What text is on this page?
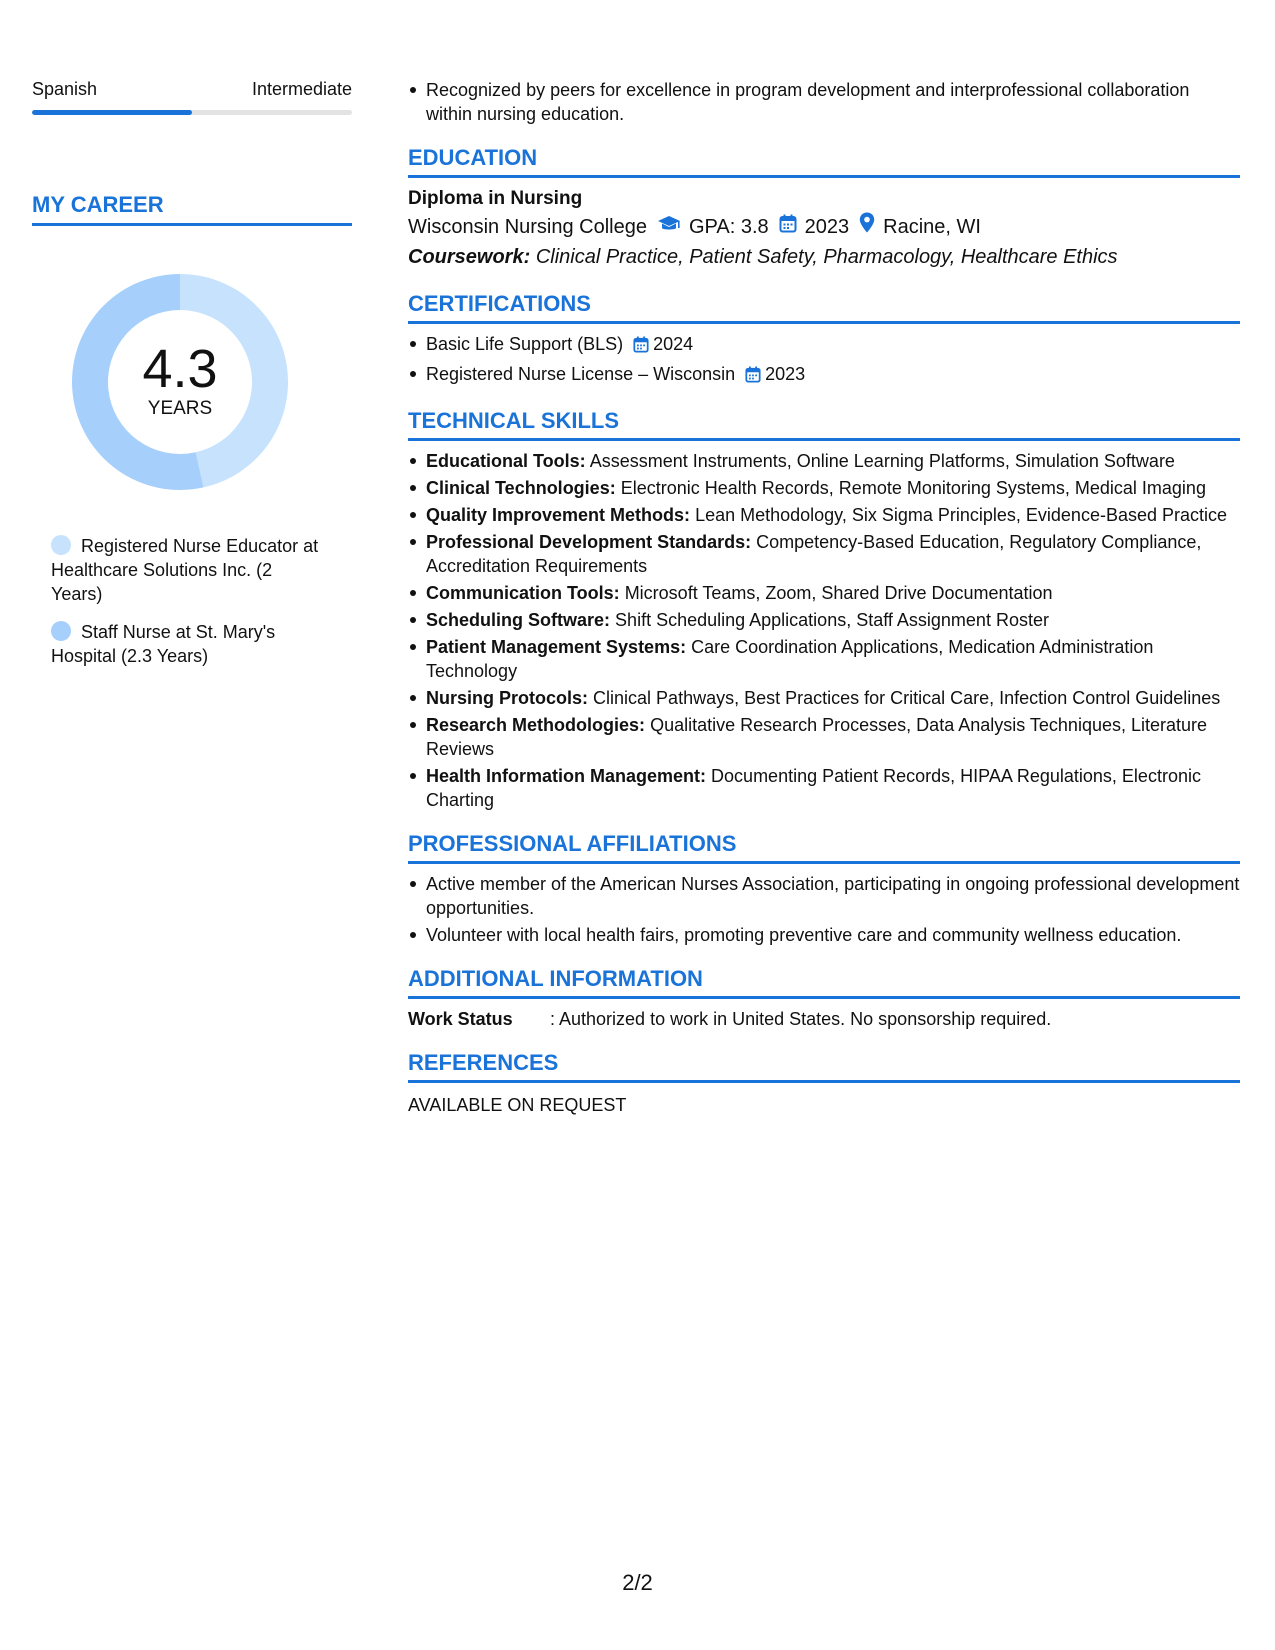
Spanish	Intermediate
MY CAREER
4.3
YEARS
Registered Nurse Educator at Healthcare Solutions Inc. (2 Years)
Staff Nurse at St. Mary's Hospital (2.3 Years)
Recognized by peers for excellence in program development and interprofessional collaboration within nursing education.
EDUCATION
Diploma in Nursing
Wisconsin Nursing College GPA: 3.8 2023 Racine, WI
Coursework: Clinical Practice, Patient Safety, Pharmacology, Healthcare Ethics
CERTIFICATIONS
Basic Life Support (BLS) 2024
Registered Nurse License – Wisconsin 2023
TECHNICAL SKILLS
Educational Tools: Assessment Instruments, Online Learning Platforms, Simulation Software
Clinical Technologies: Electronic Health Records, Remote Monitoring Systems, Medical Imaging
Quality Improvement Methods: Lean Methodology, Six Sigma Principles, Evidence-Based Practice
Professional Development Standards: Competency-Based Education, Regulatory Compliance, Accreditation Requirements
Communication Tools: Microsoft Teams, Zoom, Shared Drive Documentation
Scheduling Software: Shift Scheduling Applications, Staff Assignment Roster
Patient Management Systems: Care Coordination Applications, Medication Administration Technology
Nursing Protocols: Clinical Pathways, Best Practices for Critical Care, Infection Control Guidelines
Research Methodologies: Qualitative Research Processes, Data Analysis Techniques, Literature Reviews
Health Information Management: Documenting Patient Records, HIPAA Regulations, Electronic Charting
PROFESSIONAL AFFILIATIONS
Active member of the American Nurses Association, participating in ongoing professional development opportunities.
Volunteer with local health fairs, promoting preventive care and community wellness education.
ADDITIONAL INFORMATION
Work Status	: Authorized to work in United States. No sponsorship required.
REFERENCES
AVAILABLE ON REQUEST
2/2
